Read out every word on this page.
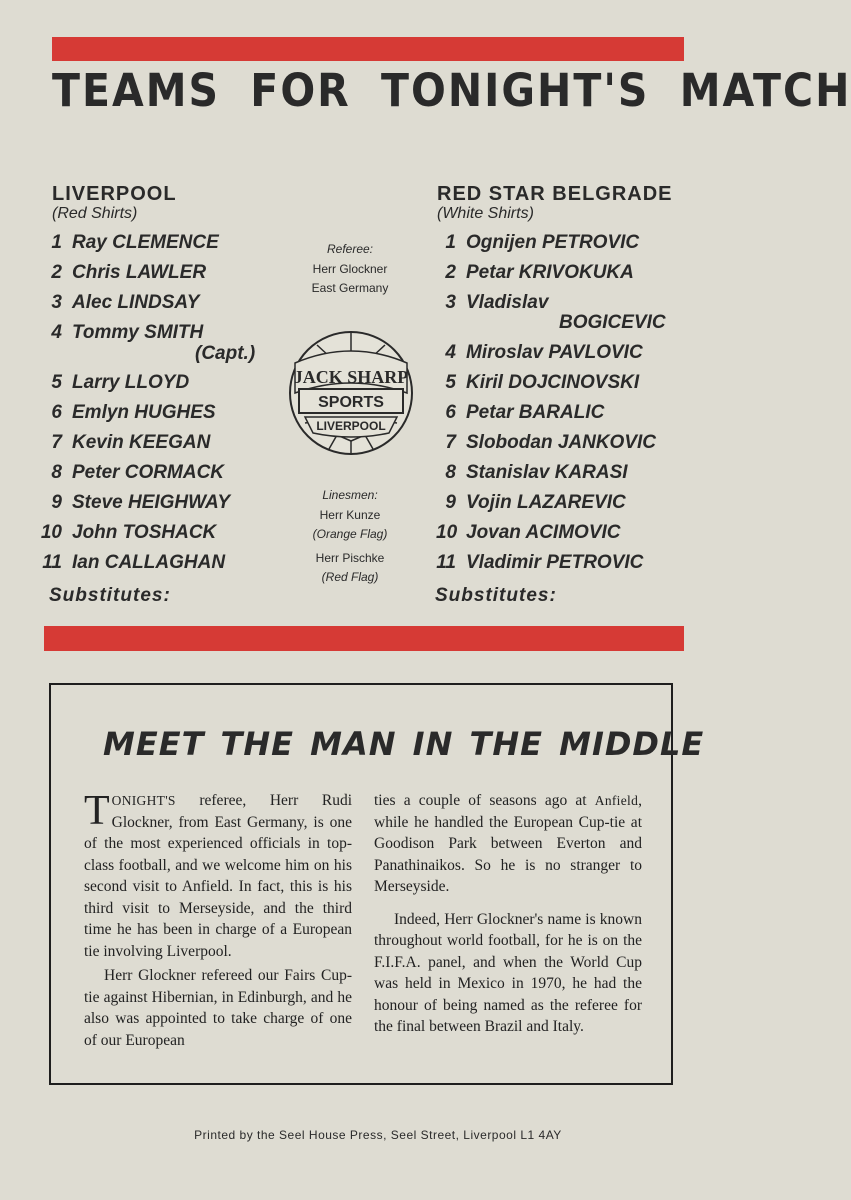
TEAMS FOR TONIGHT'S MATCH
LIVERPOOL
(Red Shirts)
1 Ray CLEMENCE
2 Chris LAWLER
3 Alec LINDSAY
4 Tommy SMITH
(Capt.)
5 Larry LLOYD
6 Emlyn HUGHES
7 Kevin KEEGAN
8 Peter CORMACK
9 Steve HEIGHWAY
10 John TOSHACK
11 Ian CALLAGHAN
Substitutes:
Referee:
Herr Glockner
East Germany
JACK SHARP
SPORTS
LIVERPOOL
Linesmen:
Herr Kunze
(Orange Flag)
Herr Pischke
(Red Flag)
RED STAR BELGRADE
(White Shirts)
1 Ognijen PETROVIC
2 Petar KRIVOKUKA
3 Vladislav
BOGICEVIC
4 Miroslav PAVLOVIC
5 Kiril DOJCINOVSKI
6 Petar BARALIC
7 Slobodan JANKOVIC
8 Stanislav KARASI
9 Vojin LAZAREVIC
10 Jovan ACIMOVIC
11 Vladimir PETROVIC
Substitutes:
MEET THE MAN IN THE MIDDLE

TONIGHT'S referee, Herr Rudi Glockner, from East Germany, is one of the most experienced officials in top-class football, and we welcome him on his second visit to Anfield. In fact, this is his third visit to Merseyside, and the third time he has been in charge of a European tie involving Liverpool.

Herr Glockner refereed our Fairs Cup-tie against Hibernian, in Edinburgh, and he also was appointed to take charge of one of our European

ties a couple of seasons ago at Anfield, while he handled the European Cup-tie at Goodison Park between Everton and Panathinaikos. So he is no stranger to Merseyside.

Indeed, Herr Glockner's name is known throughout world football, for he is on the F.I.F.A. panel, and when the World Cup was held in Mexico in 1970, he had the honour of being named as the referee for the final between Brazil and Italy.

Printed by the Seel House Press, Seel Street, Liverpool L1 4AY
